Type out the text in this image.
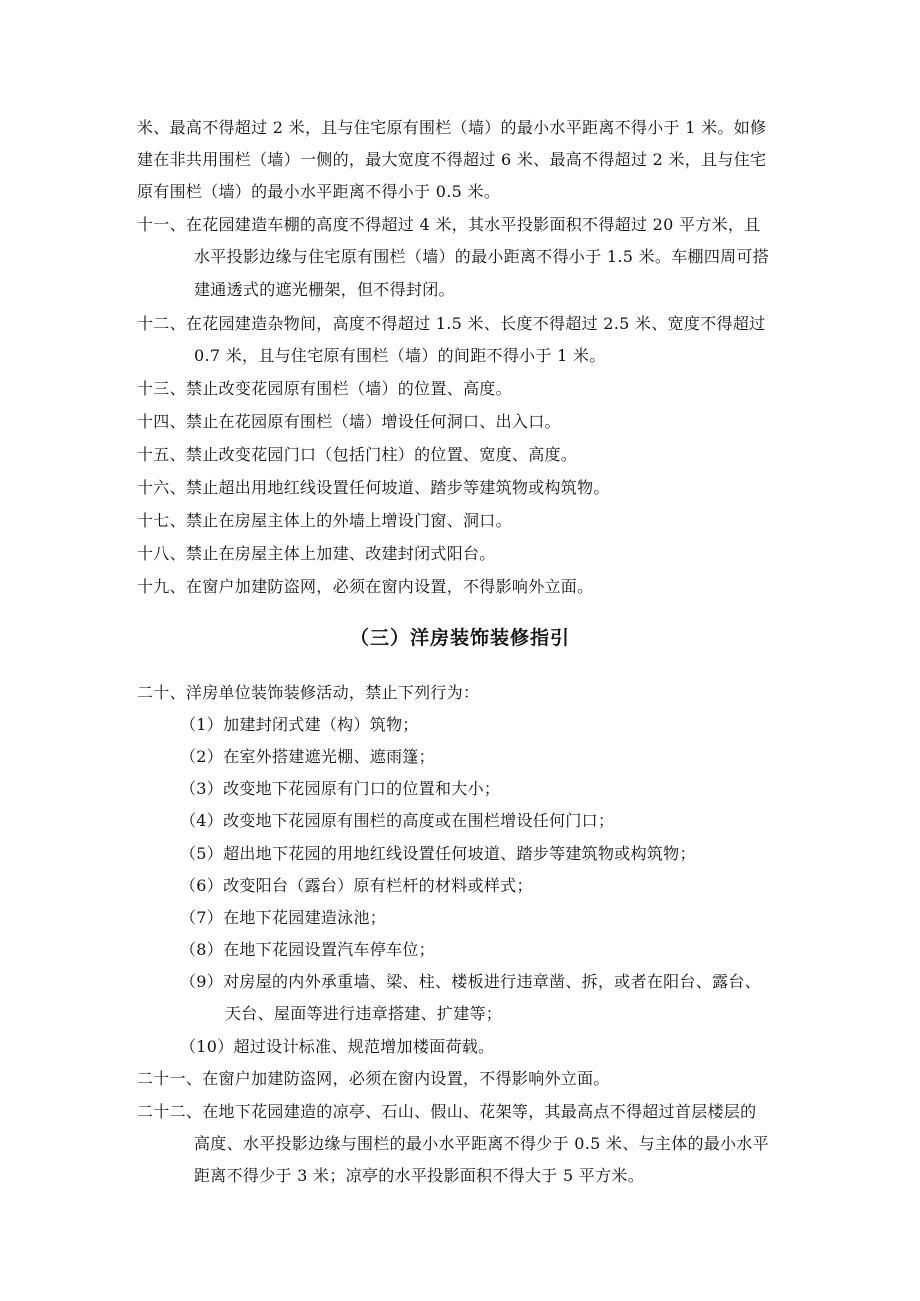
米、最高不得超过 2 米，且与住宅原有围栏（墙）的最小水平距离不得小于 1 米。如修
建在非共用围栏（墙）一侧的，最大宽度不得超过 6 米、最高不得超过 2 米，且与住宅
原有围栏（墙）的最小水平距离不得小于 0.5 米。
十一、在花园建造车棚的高度不得超过 4 米，其水平投影面积不得超过 20 平方米，且
水平投影边缘与住宅原有围栏（墙）的最小距离不得小于 1.5 米。车棚四周可搭
建通透式的遮光栅架，但不得封闭。
十二、在花园建造杂物间，高度不得超过 1.5 米、长度不得超过 2.5 米、宽度不得超过
0.7 米，且与住宅原有围栏（墙）的间距不得小于 1 米。
十三、禁止改变花园原有围栏（墙）的位置、高度。
十四、禁止在花园原有围栏（墙）增设任何洞口、出入口。
十五、禁止改变花园门口（包括门柱）的位置、宽度、高度。
十六、禁止超出用地红线设置任何坡道、踏步等建筑物或构筑物。
十七、禁止在房屋主体上的外墙上增设门窗、洞口。
十八、禁止在房屋主体上加建、改建封闭式阳台。
十九、在窗户加建防盗网，必须在窗内设置，不得影响外立面。
（三）洋房装饰装修指引
二十、洋房单位装饰装修活动，禁止下列行为：
（1）加建封闭式建（构）筑物；
（2）在室外搭建遮光棚、遮雨篷；
（3）改变地下花园原有门口的位置和大小；
（4）改变地下花园原有围栏的高度或在围栏增设任何门口；
（5）超出地下花园的用地红线设置任何坡道、踏步等建筑物或构筑物；
（6）改变阳台（露台）原有栏杆的材料或样式；
（7）在地下花园建造泳池；
（8）在地下花园设置汽车停车位；
（9）对房屋的内外承重墙、梁、柱、楼板进行违章凿、拆，或者在阳台、露台、
天台、屋面等进行违章搭建、扩建等；
（10）超过设计标准、规范增加楼面荷载。
二十一、在窗户加建防盗网，必须在窗内设置，不得影响外立面。
二十二、在地下花园建造的凉亭、石山、假山、花架等，其最高点不得超过首层楼层的
高度、水平投影边缘与围栏的最小水平距离不得少于 0.5 米、与主体的最小水平
距离不得少于 3 米；凉亭的水平投影面积不得大于 5 平方米。
